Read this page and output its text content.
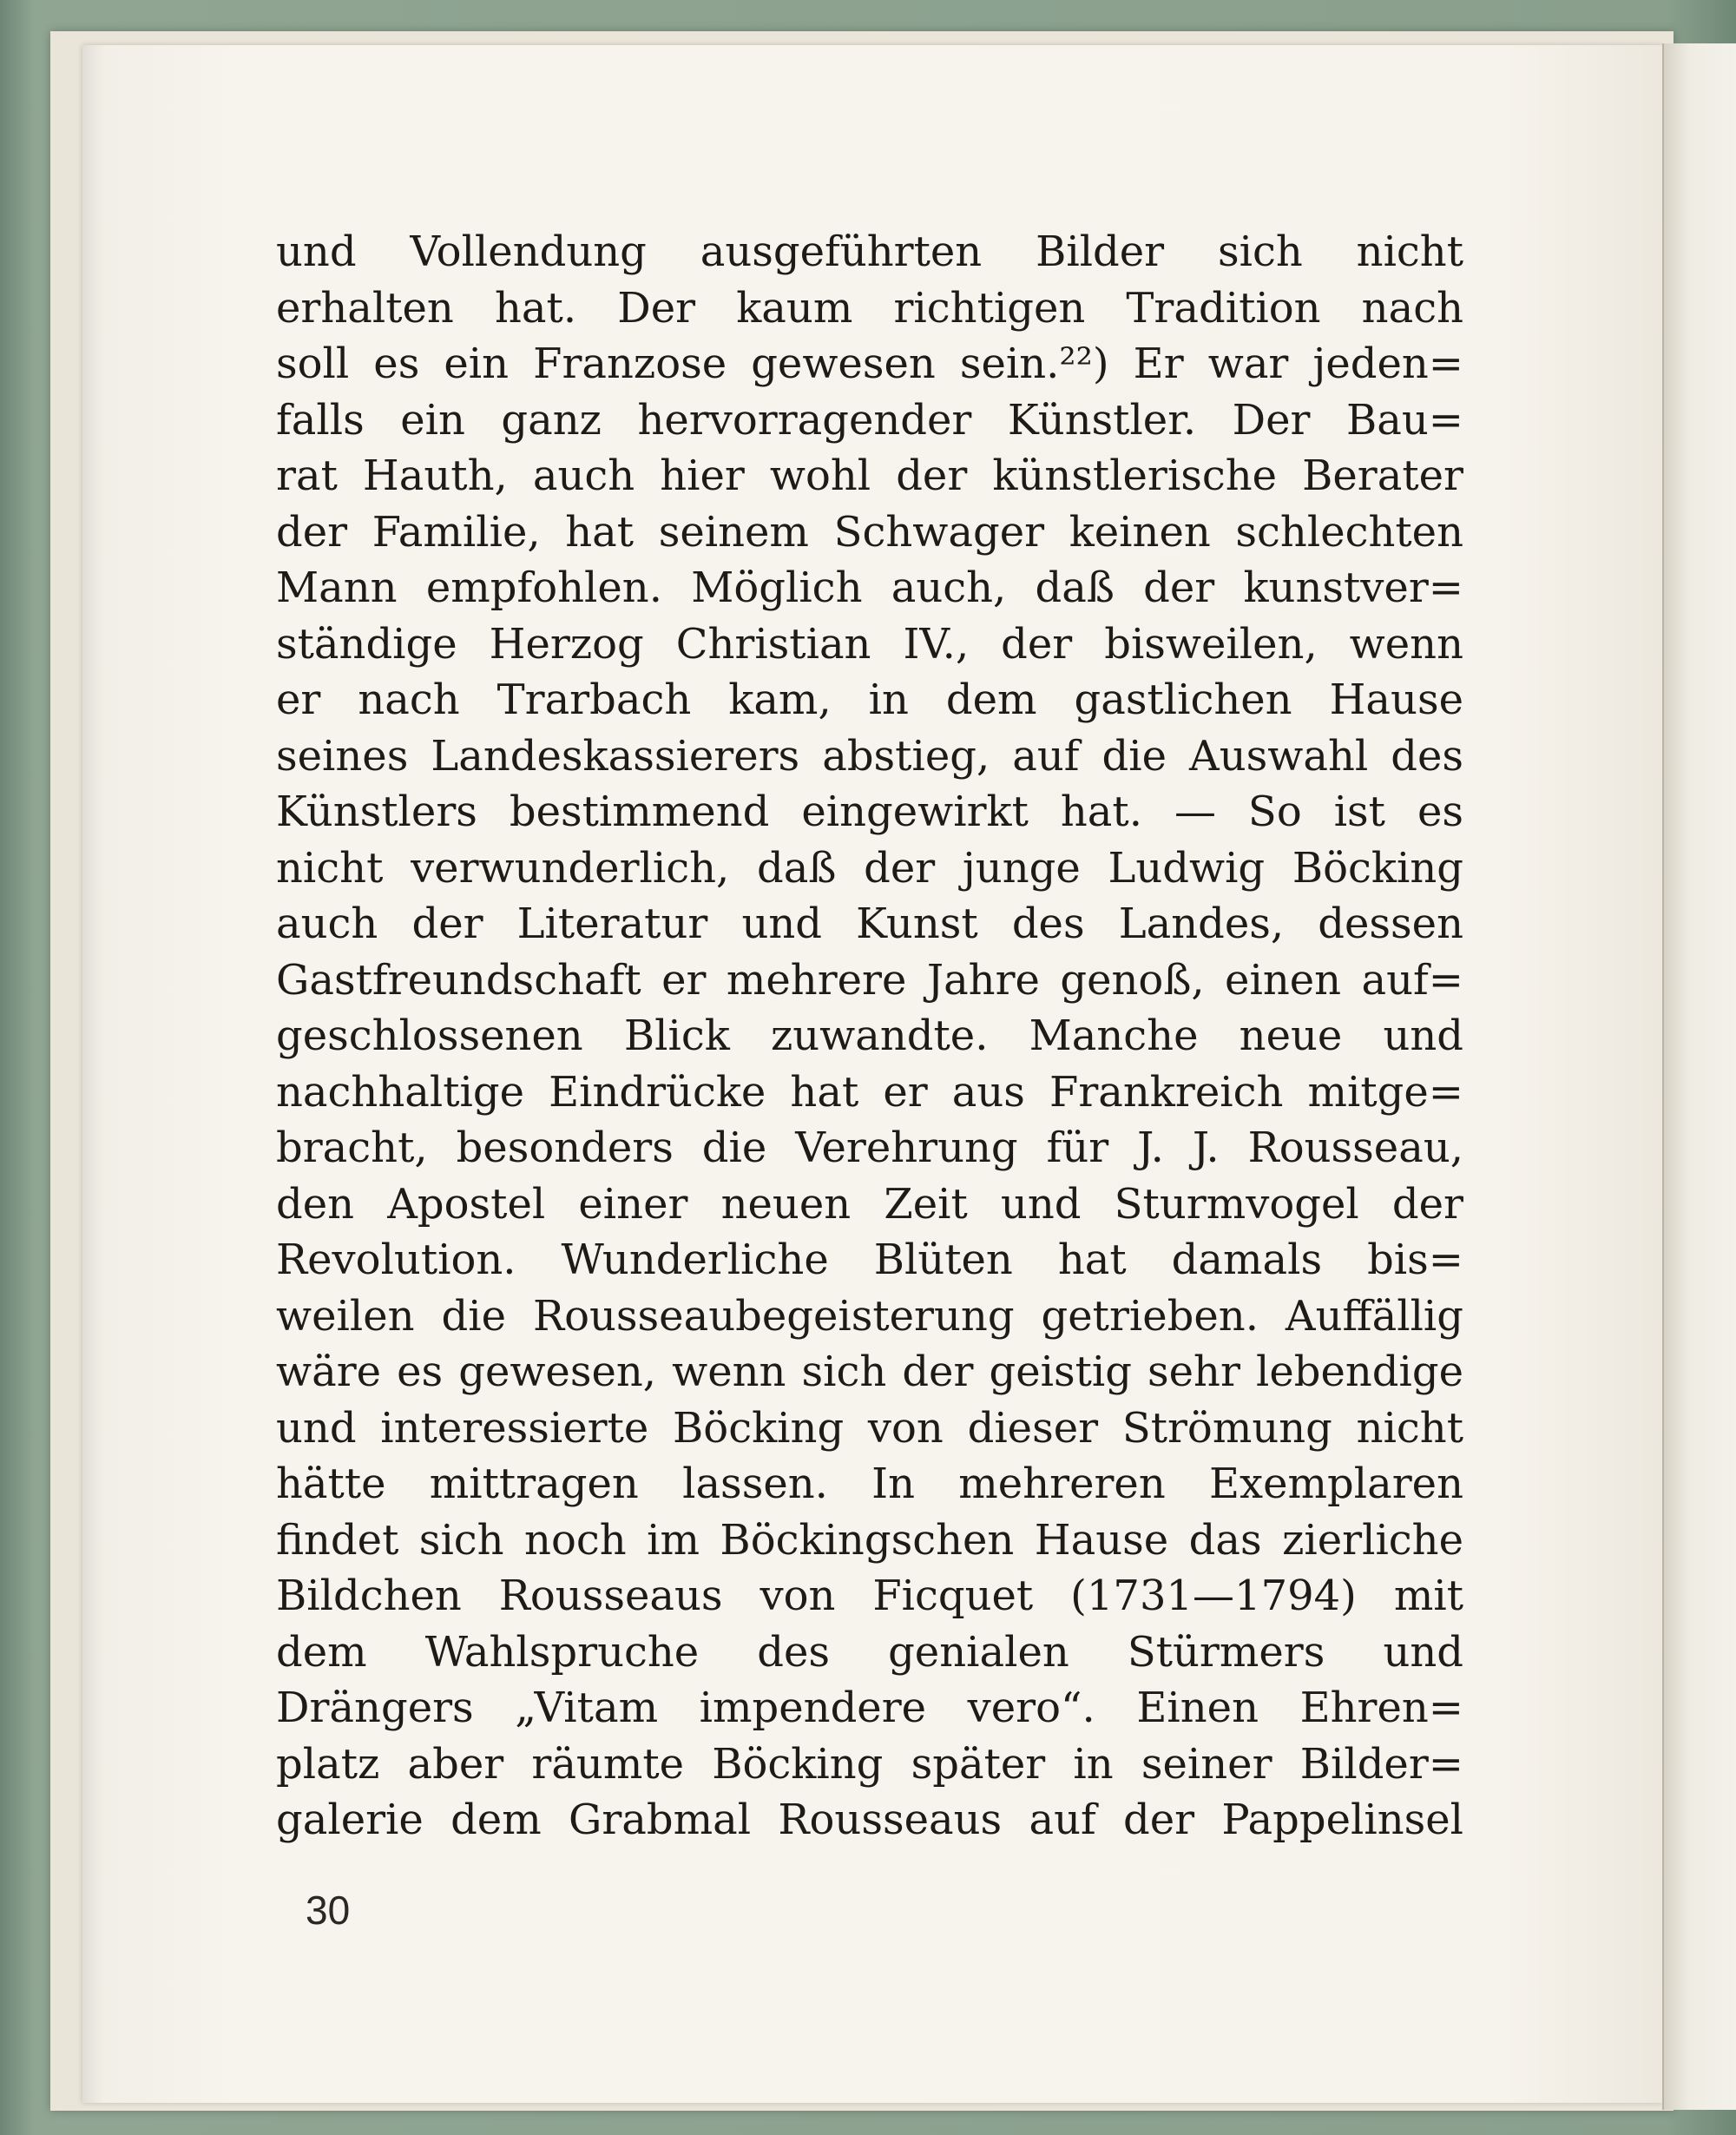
und Vollendung ausgeführten Bilder sich nicht
erhalten hat. Der kaum richtigen Tradition nach
soll es ein Franzose gewesen sein.²²) Er war jeden=
falls ein ganz hervorragender Künstler. Der Bau=
rat Hauth, auch hier wohl der künstlerische Berater
der Familie, hat seinem Schwager keinen schlechten
Mann empfohlen. Möglich auch, daß der kunstver=
ständige Herzog Christian IV., der bisweilen, wenn
er nach Trarbach kam, in dem gastlichen Hause
seines Landeskassierers abstieg, auf die Auswahl des
Künstlers bestimmend eingewirkt hat. — So ist es
nicht verwunderlich, daß der junge Ludwig Böcking
auch der Literatur und Kunst des Landes, dessen
Gastfreundschaft er mehrere Jahre genoß, einen auf=
geschlossenen Blick zuwandte. Manche neue und
nachhaltige Eindrücke hat er aus Frankreich mitge=
bracht, besonders die Verehrung für J. J. Rousseau,
den Apostel einer neuen Zeit und Sturmvogel der
Revolution. Wunderliche Blüten hat damals bis=
weilen die Rousseaubegeisterung getrieben. Auffällig
wäre es gewesen, wenn sich der geistig sehr lebendige
und interessierte Böcking von dieser Strömung nicht
hätte mittragen lassen. In mehreren Exemplaren
findet sich noch im Böckingschen Hause das zierliche
Bildchen Rousseaus von Ficquet (1731—1794) mit
dem Wahlspruche des genialen Stürmers und
Drängers „Vitam impendere vero“. Einen Ehren=
platz aber räumte Böcking später in seiner Bilder=
galerie dem Grabmal Rousseaus auf der Pappelinsel
30
